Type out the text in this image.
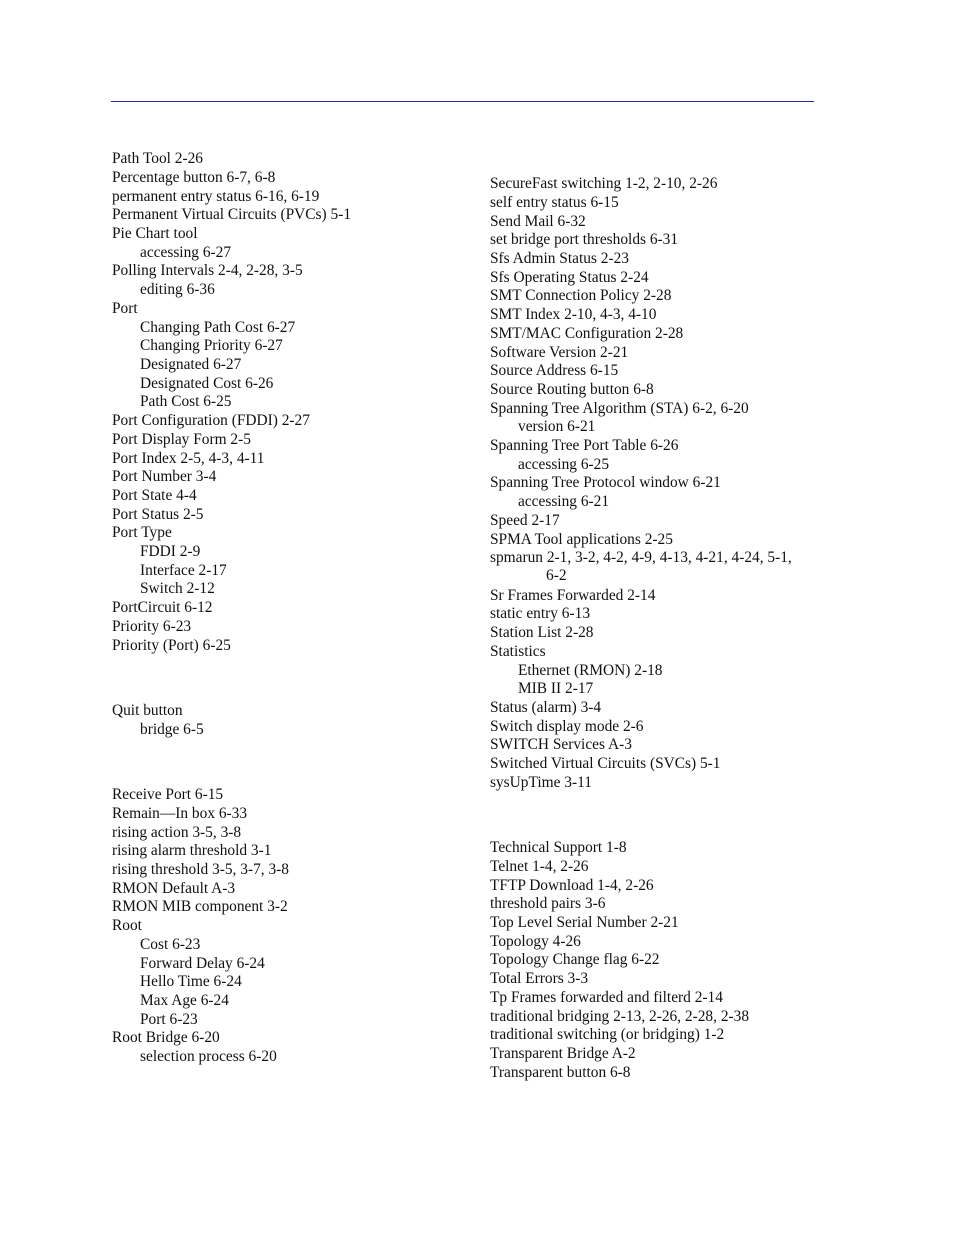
Path Tool 2-26
Percentage button 6-7, 6-8
permanent entry status 6-16, 6-19
Permanent Virtual Circuits (PVCs) 5-1
Pie Chart tool
accessing 6-27
Polling Intervals 2-4, 2-28, 3-5
editing 6-36
Port
Changing Path Cost 6-27
Changing Priority 6-27
Designated 6-27
Designated Cost 6-26
Path Cost 6-25
Port Configuration (FDDI) 2-27
Port Display Form 2-5
Port Index 2-5, 4-3, 4-11
Port Number 3-4
Port State 4-4
Port Status 2-5
Port Type
FDDI 2-9
Interface 2-17
Switch 2-12
PortCircuit 6-12
Priority 6-23
Priority (Port) 6-25
Quit button
bridge 6-5
Receive Port 6-15
Remain—In box 6-33
rising action 3-5, 3-8
rising alarm threshold 3-1
rising threshold 3-5, 3-7, 3-8
RMON Default A-3
RMON MIB component 3-2
Root
Cost 6-23
Forward Delay 6-24
Hello Time 6-24
Max Age 6-24
Port 6-23
Root Bridge 6-20
selection process 6-20
SecureFast switching 1-2, 2-10, 2-26
self entry status 6-15
Send Mail 6-32
set bridge port thresholds 6-31
Sfs Admin Status 2-23
Sfs Operating Status 2-24
SMT Connection Policy 2-28
SMT Index 2-10, 4-3, 4-10
SMT/MAC Configuration 2-28
Software Version 2-21
Source Address 6-15
Source Routing button 6-8
Spanning Tree Algorithm (STA) 6-2, 6-20
version 6-21
Spanning Tree Port Table 6-26
accessing 6-25
Spanning Tree Protocol window 6-21
accessing 6-21
Speed 2-17
SPMA Tool applications 2-25
spmarun 2-1, 3-2, 4-2, 4-9, 4-13, 4-21, 4-24, 5-1,
6-2
Sr Frames Forwarded 2-14
static entry 6-13
Station List 2-28
Statistics
Ethernet (RMON) 2-18
MIB II 2-17
Status (alarm) 3-4
Switch display mode 2-6
SWITCH Services A-3
Switched Virtual Circuits (SVCs) 5-1
sysUpTime 3-11
Technical Support 1-8
Telnet 1-4, 2-26
TFTP Download 1-4, 2-26
threshold pairs 3-6
Top Level Serial Number 2-21
Topology 4-26
Topology Change flag 6-22
Total Errors 3-3
Tp Frames forwarded and filterd 2-14
traditional bridging 2-13, 2-26, 2-28, 2-38
traditional switching (or bridging) 1-2
Transparent Bridge A-2
Transparent button 6-8
